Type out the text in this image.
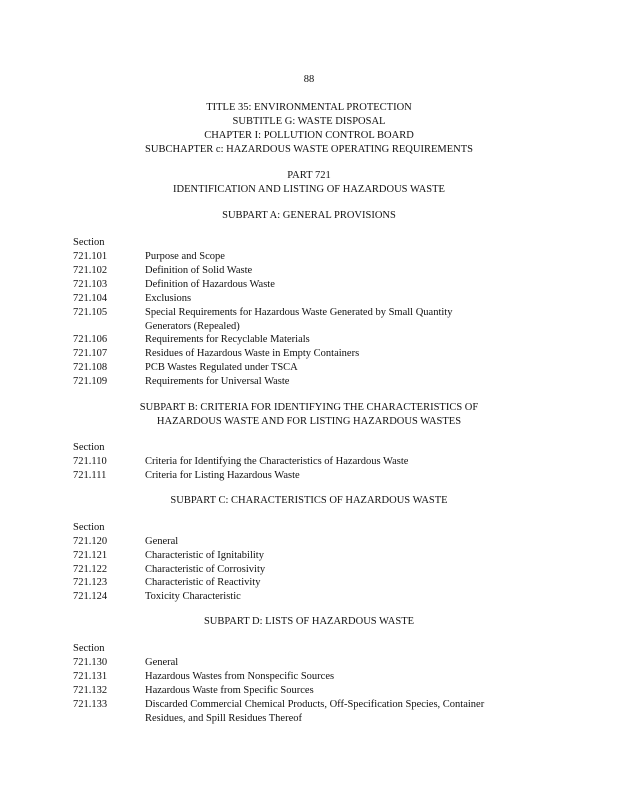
88
TITLE 35: ENVIRONMENTAL PROTECTION
SUBTITLE G: WASTE DISPOSAL
CHAPTER I: POLLUTION CONTROL BOARD
SUBCHAPTER c: HAZARDOUS WASTE OPERATING REQUIREMENTS
PART 721
IDENTIFICATION AND LISTING OF HAZARDOUS WASTE
SUBPART A: GENERAL PROVISIONS
Section
721.101	Purpose and Scope
721.102	Definition of Solid Waste
721.103	Definition of Hazardous Waste
721.104	Exclusions
721.105	Special Requirements for Hazardous Waste Generated by Small Quantity
Generators (Repealed)
721.106	Requirements for Recyclable Materials
721.107	Residues of Hazardous Waste in Empty Containers
721.108	PCB Wastes Regulated under TSCA
721.109	Requirements for Universal Waste
SUBPART B: CRITERIA FOR IDENTIFYING THE CHARACTERISTICS OF
HAZARDOUS WASTE AND FOR LISTING HAZARDOUS WASTES
Section
721.110	Criteria for Identifying the Characteristics of Hazardous Waste
721.111	Criteria for Listing Hazardous Waste
SUBPART C: CHARACTERISTICS OF HAZARDOUS WASTE
Section
721.120	General
721.121	Characteristic of Ignitability
721.122	Characteristic of Corrosivity
721.123	Characteristic of Reactivity
721.124	Toxicity Characteristic
SUBPART D: LISTS OF HAZARDOUS WASTE
Section
721.130	General
721.131	Hazardous Wastes from Nonspecific Sources
721.132	Hazardous Waste from Specific Sources
721.133	Discarded Commercial Chemical Products, Off-Specification Species, Container
Residues, and Spill Residues Thereof
